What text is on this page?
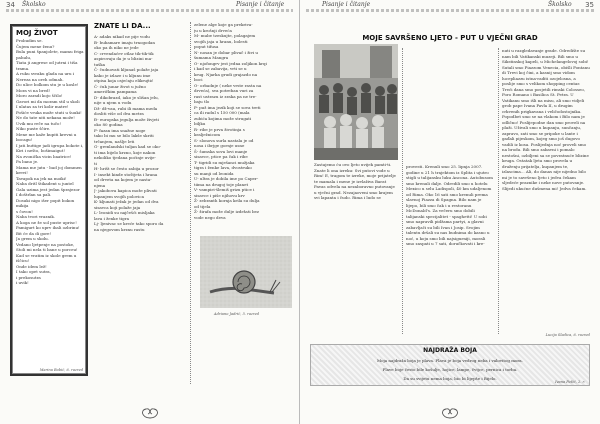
34 Školsko	Pisanje i čitanje
MOJ ŽIVOT

Probudim se.

Čujem mene ženu?

Bula puni španjolete, mamu friga

pahulu,

Tiata ji angrese od jutrni i tiša

trama.

A ruku svraku glada na uru i

Nereza na oreh odmah.

Do ulice bolkom stu je u kosle!

Mora vi na bred!

Moro zaradi kojo ščilo!

Gavori mi da moram stil u skoli

I ulatas za tri kolir matre!

Pošiće vruka može stuti u šuuki!

Ne do tate niti nekana može!

Uvik mu reče na tučo!

Niko puste ščire.

Mene me kaže kupiti krevni u

bocagu!

I jati buttige jadi igrupa bokote i,

Kiri i nešto, bošimaigut!

Na zvonička vicin baatrice!

Pa bano je.

Mama me jutu - bad joj dommen

krevi!

Tavapok na jek na moiki!

Naba dritl štikadent u juntel

Gala uzima jest jedan šprajezor

I doštrlan sa pali.

Dosuki nigo išer popit bokon mikija

s čovon!

Naba tvori vraznik.

A koga ne že sol puste uprisc!

Pamigurt ko uprv ibali ozbrinu!

Bit će da di gore!

Ja grem u skolu.

Vedano ljetpenje na postoke,

Stoli mi nela ti bane u porceu!

Kad se vratim iz skole grem u

iščicu!

Onde idem lež!

I tako opet sutra,

i prekosutra

i uvik!

Marina Bobić, 6. razred
ZNATE LI DA...

A- adaks nikad ne pije vodu

B- bubamare imaju trnogodan

oko pa ih niko ne jede

C- crvendaćev otlaz tik-tik-tik

aspirovaju da je u blizini ma-

tuška

Č- čudnovati kljunaš polaže jaja

kako je izlaze i u kljunu ime

otpisa koja osjećaju elikrujtić

Ć- ćuk junar život u južno

američkim pampama

D- dikobrazd, iako je slišan jelu,

nije u njem u vodu

Dž- dž-vau, rubi ili mama meda

dosliti više od dva metra

Đ- europska jegulja može živjeti

oko 80 godina

F- fazan ima snažne noge

tako bi mu se bilo lakše skriti

trčanjem, našlje leti

G- grenlandski tuljan kad se oko-

ti ima bijelo krzno, koje nakon

nekoliko tjedana poćinje uvije-

ti

H- hrišt se često zabija u prozor

I- insekt kinde stoštjeta i hrana

od drveta na kojem je nasta-

njena

J- jakobova kapica može plivati

lupanjem svojih polovica

K- kljunati ježak je jedan od dva

sisavca koji polaže jaja

L- leonidi su najčešći misljaka

lava i ženke tigra

Lj- ljenivac se kreće tako sporo da

na njegovom krznu rastu

zelene alge koje ga prekriva-

ju u krošnji drveća

M- mube tzeskujte, polagajem

svojih jaja u hranu, bolesti

poput tifusa

N- nosan je dobar plivač i živi u

šumama Mangra

O- njofongrv jest jedna zoljikon krqi

i kad se zabavija, vrti se u

krug. Njarka grudi grajazdo na

boci

O- orbadnje ( neke vrste rasta na

drveća), sva potreban vuri za

rast ustrazu iz zraka pa ne tre-

baju tlo

P- puž ima jezik koji se sova treti

ca ili radul s 150 000 (mala

zubića kojima može strugati

biljku

R- ribe je prva životinja s

kralježnicom

S- slonova surla nastala je od

nosa i ibrjge gornje usne

Š- šumska sova lovi manje

sisavce, ptice pa čak i ribe

T- tigridi su mješanci mužjaka

tigra i ženke lava, dvostruko

su manji od leonida

U- ultra je dobila ime po Caper-

tiima na drugoj toje planet

V- vampiri-šlemiš grizu ptice i

sisavce i piše njihovu krv

Ž- zebranth kornja krila su dulja

od tijela

Ž- žirafa može dulje izdržati bez

vode nego deva

Adriano Jadrić, 5. razred
Pisanje i čitanje	Školsko 35
MOJE SAVRŠENO LJETO - PUT U VJEČNI GRAD
Zastajemo ću ovo ljeto uvijek pamti-ti. Znate li ona izreku: Svi putovi vode u Rim! E, tragom te izreke, moje prijatelje te mamala i mene je izvlaživa Barat Pavas odvela na nezaboravno putovanje u vječni grad. Nezajaoveni smo krajem svi lapanta i čudo. Rima i ludo se
provesti. Krenuli smo 25. lipnja 2007. godine u 21 h trajektom iz Splita i ujutro stigli u talijansku luku Ancona. Autobusom smo krenuli dalje. Odredili smo u hotelu Mexico u selu Ladispoli, 40 km udaljenom od Rima. Oko 16 sati smo krenuli prema slavnoj Piazza di Spagna. Bilo nam je lijepo, bili smo čak i u restoranu McDonald's. Za večeru smo dobili talijanski specijalitet - spaghetti! U sobi smo napravili pidžama partyi, a glavni zabavljači su bili Ivan i Josip. Svojim talentu dršali su nas budnima do kasno u noć, u koju smo bili najsigurniji, morali smo zaspati u 7 sati, doručkovati i kre-
nuti u razgledavanje grade. Odredište su nam bili Vatikanski muzeji. Bili smo u Sikstinskoj kapeli, u Michelangelovoj sobi! Sutali smo Piazzom Venecia, obišli Fontanu di Trevi koj čini, a kasnij smo vidom lucepliazzu istna-raditi ozojelosna, a poslije smo s velikom shopping centar. Treći dana smo posjetili rimski Colosseo, Foro Romano i Basilica St. Petra. U Vatikanu smo išli na misu, ali smo vidjeli grob pape Ivana Pavla II, u drugim crkvenih prigkavana i veličodostojnika. Popodbet smo se na vlakom i Bilo nam je odlično! Poslijepodne dan smo proveli na plaži. Uživali smo u kupanju, sunčanju, zapravo, zati smo se pripoke u lante i gađali pijeskom, kojeg smo još dugovo vadili iz kosa. Poslijednja noć proveli smo na brodu. Bili smo zabavni i pomalo nestošni, ozbiljeni sa se povratnuće blizine kruga. Ostatak ljeta smo provela u druženju prijatelja, kupanjem te, izlascima... Ali, do danas nije nijedno bilo mi je to savršeno ljeto i jedva čekam sljedeće praznike i neke nove putovanje. Slijedi ukućne dušmena mi! Jedva čekam.
Lucija Sladica, 6. razred
NAJDRAŽA BOJA

Moja najdraža boja je plava. Plava je boja vedrog neba i valovitog mora.

Plave boje često bile košulje, hojice, lampe, čvijce, pernica i torba.

Da su svijetu nema boja, bio bi lijepše i Bijelo.

Ivana Pešić, 2. r.
